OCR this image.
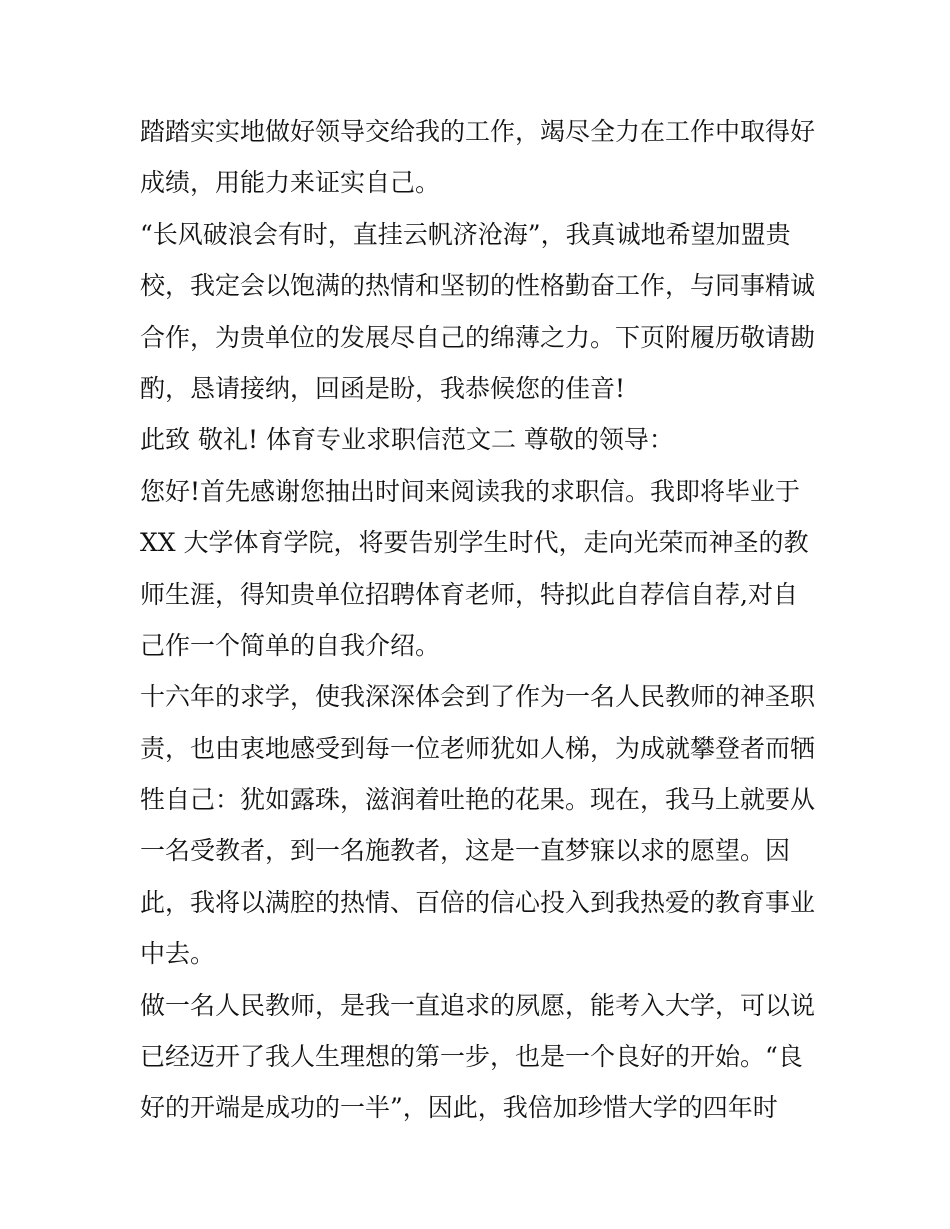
踏踏实实地做好领导交给我的工作，竭尽全力在工作中取得好
成绩，用能力来证实自己。
“长风破浪会有时，直挂云帆济沧海”，我真诚地希望加盟贵
校，我定会以饱满的热情和坚韧的性格勤奋工作，与同事精诚
合作，为贵单位的发展尽自己的绵薄之力。下页附履历敬请勘
酌，恳请接纳，回函是盼，我恭候您的佳音!
此致 敬礼! 体育专业求职信范文二 尊敬的领导：
您好!首先感谢您抽出时间来阅读我的求职信。我即将毕业于
XX 大学体育学院，将要告别学生时代，走向光荣而神圣的教
师生涯，得知贵单位招聘体育老师，特拟此自荐信自荐,对自
己作一个简单的自我介绍。
十六年的求学，使我深深体会到了作为一名人民教师的神圣职
责，也由衷地感受到每一位老师犹如人梯，为成就攀登者而牺
牲自己：犹如露珠，滋润着吐艳的花果。现在，我马上就要从
一名受教者，到一名施教者，这是一直梦寐以求的愿望。因
此，我将以满腔的热情、百倍的信心投入到我热爱的教育事业
中去。
做一名人民教师，是我一直追求的夙愿，能考入大学，可以说
已经迈开了我人生理想的第一步，也是一个良好的开始。“良
好的开端是成功的一半”，因此，我倍加珍惜大学的四年时
